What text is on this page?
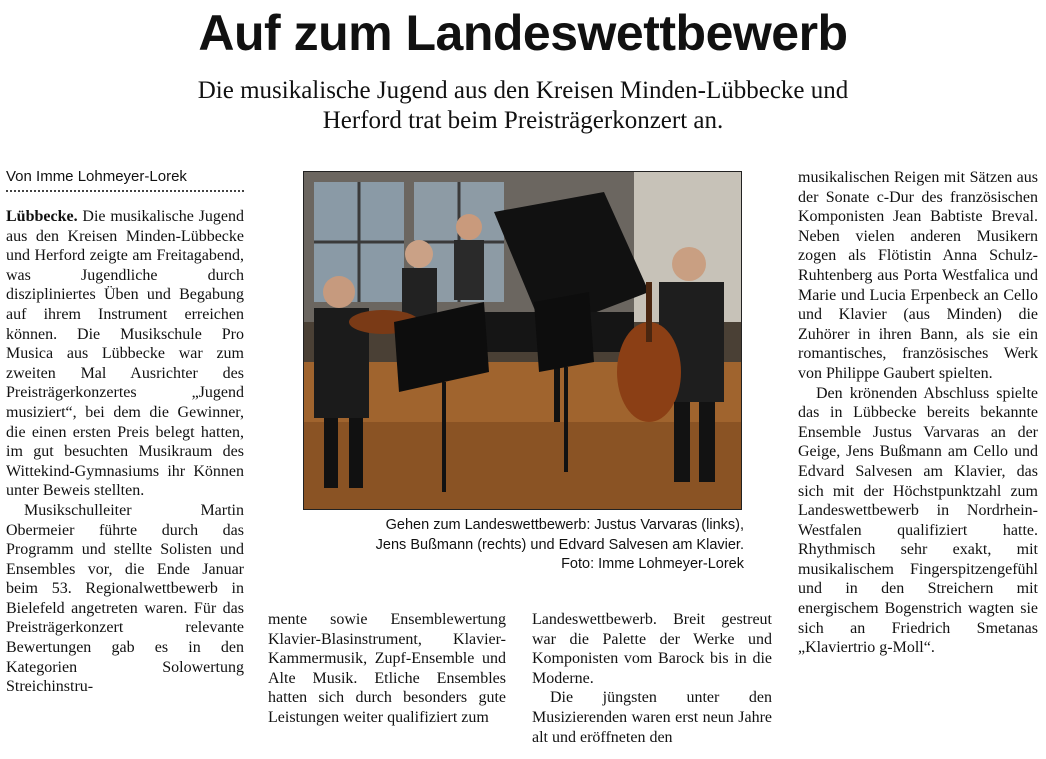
Auf zum Landeswettbewerb
Die musikalische Jugend aus den Kreisen Minden-Lübbecke und
Herford trat beim Preisträgerkonzert an.
Von Imme Lohmeyer-Lorek

Lübbecke. Die musikalische Jugend aus den Kreisen Minden-Lübbecke und Herford zeigte am Freitagabend, was Jugendliche durch diszipliniertes Üben und Begabung auf ihrem Instrument erreichen können. Die Musikschule Pro Musica aus Lübbecke war zum zweiten Mal Ausrichter des Preisträgerkonzertes „Jugend musiziert“, bei dem die Gewinner, die einen ersten Preis belegt hatten, im gut besuchten Musikraum des Wittekind-Gymnasiums ihr Können unter Beweis stellten.

Musikschulleiter Martin Obermeier führte durch das Programm und stellte Solisten und Ensembles vor, die Ende Januar beim 53. Regionalwettbewerb in Bielefeld angetreten waren. Für das Preisträgerkonzert relevante Bewertungen gab es in den Kategorien Solowertung Streichinstru-

Gehen zum Landeswettbewerb: Justus Varvaras (links),

Jens Bußmann (rechts) und Edvard Salvesen am Klavier.

Foto: Imme Lohmeyer-Lorek

mente sowie Ensemblewertung Klavier-Blasinstrument, Klavier-Kammermusik, Zupf-Ensemble und Alte Musik. Etliche Ensembles hatten sich durch besonders gute Leistungen weiter qualifiziert zum

Landeswettbewerb. Breit gestreut war die Palette der Werke und Komponisten vom Barock bis in die Moderne.

Die jüngsten unter den Musizierenden waren erst neun Jahre alt und eröffneten den

musikalischen Reigen mit Sätzen aus der Sonate c-Dur des französischen Komponisten Jean Babtiste Breval. Neben vielen anderen Musikern zogen als Flötistin Anna Schulz-Ruhtenberg aus Porta Westfalica und Marie und Lucia Erpenbeck an Cello und Klavier (aus Minden) die Zuhörer in ihren Bann, als sie ein romantisches, französisches Werk von Philippe Gaubert spielten.

Den krönenden Abschluss spielte das in Lübbecke bereits bekannte Ensemble Justus Varvaras an der Geige, Jens Bußmann am Cello und Edvard Salvesen am Klavier, das sich mit der Höchstpunktzahl zum Landeswettbewerb in Nordrhein-Westfalen qualifiziert hatte. Rhythmisch sehr exakt, mit musikalischem Fingerspitzengefühl und in den Streichern mit energischem Bogenstrich wagten sie sich an Friedrich Smetanas „Klaviertrio g-Moll“.
